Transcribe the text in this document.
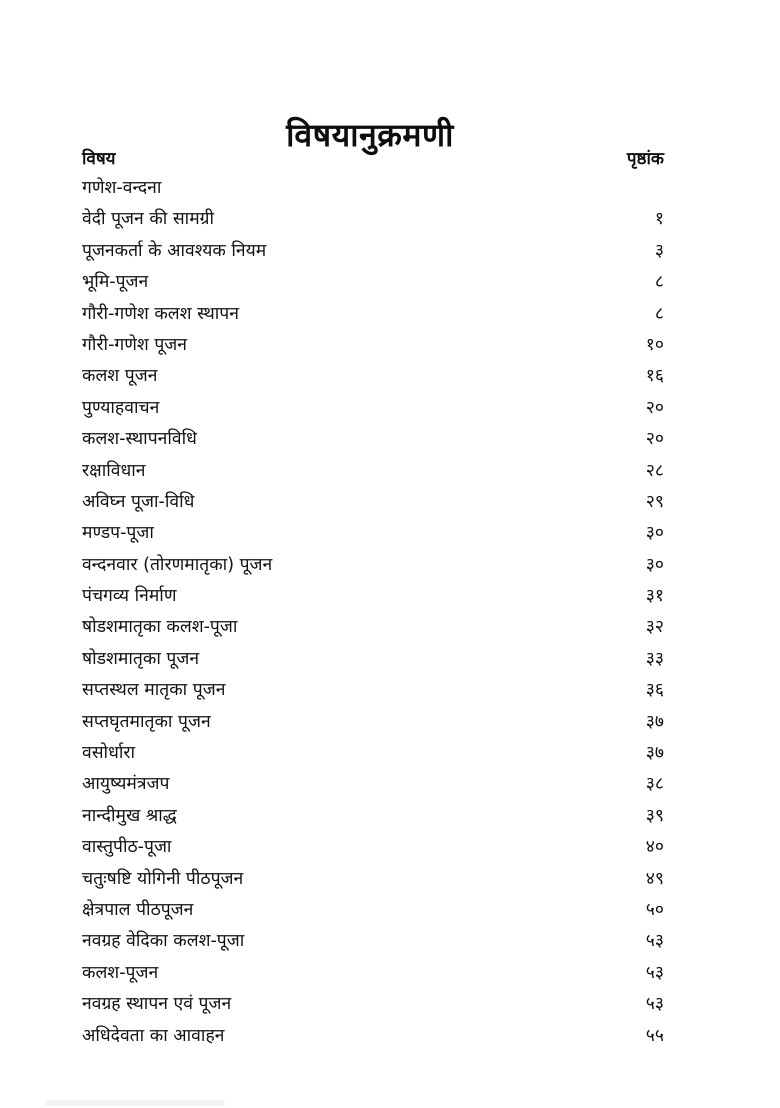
विषयानुक्रमणी
विषय	पृष्ठांक
गणेश-वन्दना
वेदी पूजन की सामग्री	१
पूजनकर्ता के आवश्यक नियम	३
भूमि-पूजन	८
गौरी-गणेश कलश स्थापन	८
गौरी-गणेश पूजन	१०
कलश पूजन	१६
पुण्याहवाचन	२०
कलश-स्थापनविधि	२०
रक्षाविधान	२८
अविघ्न पूजा-विधि	२९
मण्डप-पूजा	३०
वन्दनवार (तोरणमातृका) पूजन	३०
पंचगव्य निर्माण	३१
षोडशमातृका कलश-पूजा	३२
षोडशमातृका पूजन	३३
सप्तस्थल मातृका पूजन	३६
सप्तघृतमातृका पूजन	३७
वसोर्धारा	३७
आयुष्यमंत्रजप	३८
नान्दीमुख श्राद्ध	३९
वास्तुपीठ-पूजा	४०
चतुःषष्टि योगिनी पीठपूजन	४९
क्षेत्रपाल पीठपूजन	५०
नवग्रह वेदिका कलश-पूजा	५३
कलश-पूजन	५३
नवग्रह स्थापन एवं पूजन	५३
अधिदेवता का आवाहन	५५
